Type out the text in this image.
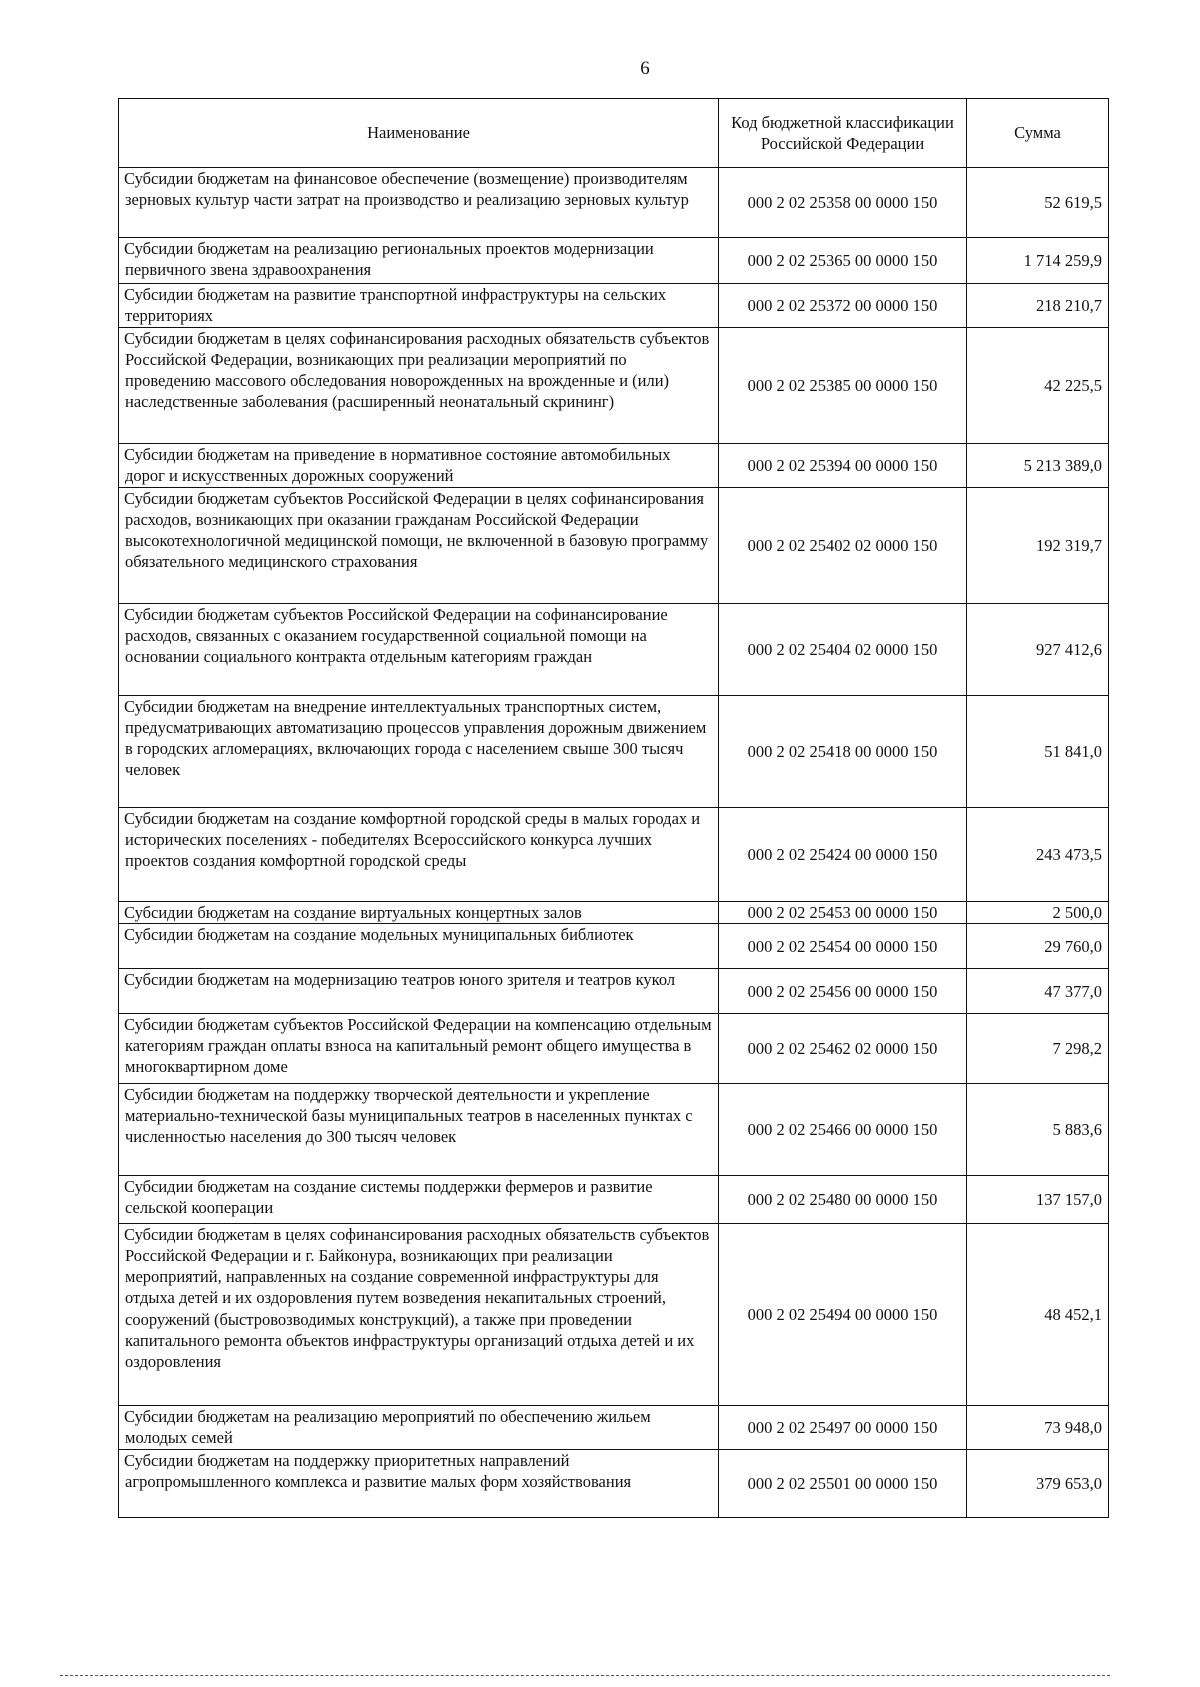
6
Наименование	Код бюджетной классификации Российской Федерации	Сумма
Субсидии бюджетам на финансовое обеспечение (возмещение) производителям зерновых культур части затрат на производство и реализацию зерновых культур	000 2 02 25358 00 0000 150	52 619,5
Субсидии бюджетам на реализацию региональных проектов модернизации первичного звена здравоохранения	000 2 02 25365 00 0000 150	1 714 259,9
Субсидии бюджетам на развитие транспортной инфраструктуры на сельских территориях	000 2 02 25372 00 0000 150	218 210,7
Субсидии бюджетам в целях софинансирования расходных обязательств субъектов Российской Федерации, возникающих при реализации мероприятий по проведению массового обследования новорожденных на врожденные и (или) наследственные заболевания (расширенный неонатальный скрининг)	000 2 02 25385 00 0000 150	42 225,5
Субсидии бюджетам на приведение в нормативное состояние автомобильных дорог и искусственных дорожных сооружений	000 2 02 25394 00 0000 150	5 213 389,0
Субсидии бюджетам субъектов Российской Федерации в целях софинансирования расходов, возникающих при оказании гражданам Российской Федерации высокотехнологичной медицинской помощи, не включенной в базовую программу обязательного медицинского страхования	000 2 02 25402 02 0000 150	192 319,7
Субсидии бюджетам субъектов Российской Федерации на софинансирование расходов, связанных с оказанием государственной социальной помощи на основании социального контракта отдельным категориям граждан	000 2 02 25404 02 0000 150	927 412,6
Субсидии бюджетам на внедрение интеллектуальных транспортных систем, предусматривающих автоматизацию процессов управления дорожным движением в городских агломерациях, включающих города с населением свыше 300 тысяч человек	000 2 02 25418 00 0000 150	51 841,0
Субсидии бюджетам на создание комфортной городской среды в малых городах и исторических поселениях - победителях Всероссийского конкурса лучших проектов создания комфортной городской среды	000 2 02 25424 00 0000 150	243 473,5
Субсидии бюджетам на создание виртуальных концертных залов	000 2 02 25453 00 0000 150	2 500,0
Субсидии бюджетам на создание модельных муниципальных библиотек	000 2 02 25454 00 0000 150	29 760,0
Субсидии бюджетам на модернизацию театров юного зрителя и театров кукол	000 2 02 25456 00 0000 150	47 377,0
Субсидии бюджетам субъектов Российской Федерации на компенсацию отдельным категориям граждан оплаты взноса на капитальный ремонт общего имущества в многоквартирном доме	000 2 02 25462 02 0000 150	7 298,2
Субсидии бюджетам на поддержку творческой деятельности и укрепление материально-технической базы муниципальных театров в населенных пунктах с численностью населения до 300 тысяч человек	000 2 02 25466 00 0000 150	5 883,6
Субсидии бюджетам на создание системы поддержки фермеров и развитие сельской кооперации	000 2 02 25480 00 0000 150	137 157,0
Субсидии бюджетам в целях софинансирования расходных обязательств субъектов Российской Федерации и г. Байконура, возникающих при реализации мероприятий, направленных на создание современной инфраструктуры для отдыха детей и их оздоровления путем возведения некапитальных строений, сооружений (быстровозводимых конструкций), а также при проведении капитального ремонта объектов инфраструктуры организаций отдыха детей и их оздоровления	000 2 02 25494 00 0000 150	48 452,1
Субсидии бюджетам на реализацию мероприятий по обеспечению жильем молодых семей	000 2 02 25497 00 0000 150	73 948,0
Субсидии бюджетам на поддержку приоритетных направлений агропромышленного комплекса и развитие малых форм хозяйствования	000 2 02 25501 00 0000 150	379 653,0
